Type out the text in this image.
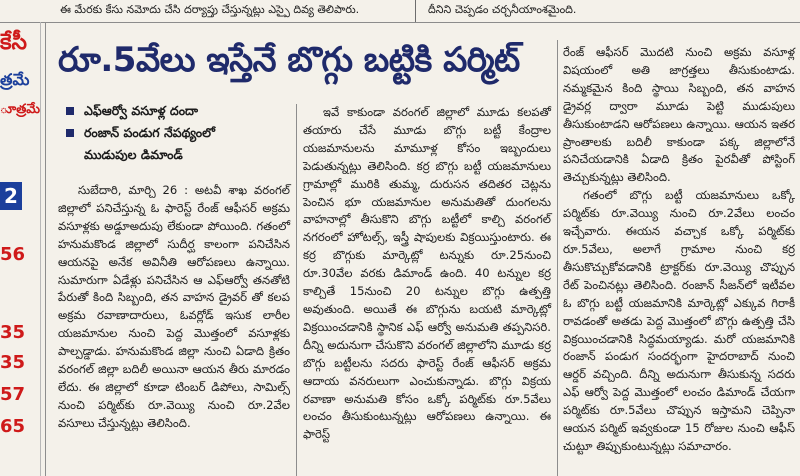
ఈ మేరకు కేసు నమోదు చేసి దర్యాప్తు చేస్తున్నట్లు ఎస్పై దివ్య తెలిపారు.	దీనిని చెప్పడం చర్చనీయాంశమైంది.
కేసీ
త్రమే
ూత్రమే
2
56
35
35
57
65
రూ.5వేలు ఇస్తేనే బొగ్గు బట్టికి పర్మిట్
ఎఫ్ఆర్వో వసూళ్ల దందా
రంజాన్ పండుగ నేపథ్యంలో
ముడుపుల డిమాండ్

సుబేదారి, మార్చి 26 : అటవీ శాఖ వరంగల్ జిల్లాలో పనిచేస్తున్న ఓ ఫారెస్ట్ రేంజ్ ఆఫీసర్ అక్రమ వసూళ్లకు అడ్డూఅదుపు లేకుండా పోయింది. గతంలో హనుమకొండ జిల్లాలో సుదీర్ఘ కాలంగా పనిచేసిన ఆయనపై అనేక అవినీతి ఆరోపణలు ఉన్నాయి. సుమారుగా ఏడేళ్లు పనిచేసిన ఆ ఎఫ్ఆర్వో తనతోటి పేరుతో కింది సిబ్బంది, తన వాహన డ్రైవర్ తో కలప అక్రమ రవాణాదారులు, ఓవర్లోడ్ ఇసుక లారీల యజమానుల నుంచి పెద్ద మొత్తంలో వసూళ్లకు పాల్పడ్డాడు. హనుమకొండ జిల్లా నుంచి ఏడాది క్రితం వరంగల్ జిల్లా బదిలీ అయినా ఆయన తీరు మారడం లేదు. ఈ జిల్లాలో కూడా టింబర్ డిపోలు, సామిల్స్ నుంచి పర్మిట్‌కు రూ.వెయ్యి నుంచి రూ.2వేల వసూలు చేస్తున్నట్లు తెలిసింది.

ఇవే కాకుండా వరంగల్ జిల్లాలో మూడు కలపతో తయారు చేసే మూడు బొగ్గు బట్టీ కేంద్రాల యజమానులను మామూళ్ల కోసం ఇబ్బందులు పెడుతున్నట్లు తెలిసింది. కర్ర బొగ్గు బట్టీ యజమానులు గ్రామాల్లో మురికి తుమ్మ, దురుసన తదితర చెట్లను పెంచిన భూ యజమానుల అనుమతితో దుంగలను వాహనాల్లో తీసుకొని బొగ్గు బట్టీలో కాల్చి వరంగల్ నగరంలో హోటల్స్, ఇస్త్రీ షాపులకు విక్రయిస్తుంటారు. ఈ కర్ర బొగ్గుకు మార్కెట్లో టన్నుకు రూ.25నుంచి రూ.30వేల వరకు డిమాండ్ ఉంది. 40 టన్నుల కర్ర కాల్చితే 15నుంచి 20 టన్నుల బొగ్గు ఉత్పత్తి అవుతుంది. అయితే ఈ బొగ్గును బయటి మార్కెట్లో విక్రయించడానికి స్థానిక ఎఫ్ ఆర్వో అనుమతి తప్పనిసరి. దీన్ని అదునుగా చేసుకొని వరంగల్ జిల్లాలోని మూడు కర్ర బొగ్గు బట్టీలను సదరు ఫారెస్ట్ రేంజ్ ఆఫీసర్ అక్రమ ఆదాయ వనరులుగా ఎంచుకున్నాడు. బొగ్గు విక్రయ రవాణా అనుమతి కోసం ఒక్కో పర్మిట్‌కు రూ.5వేలు లంచం తీసుకుంటున్నట్లు ఆరోపణలు ఉన్నాయి. ఈ ఫారెస్ట్

రేంజ్ ఆఫీసర్ మొదటి నుంచి అక్రమ వసూళ్ల విషయంలో అతి జాగ్రత్తలు తీసుకుంటాడు. నమ్మకమైన కింది స్థాయి సిబ్బంది, తన వాహన డ్రైవర్ల ద్వారా మూడు పెట్టి ముడుపులు తీసుకుంటాడని ఆరోపణలు ఉన్నాయి. ఆయన ఇతర ప్రాంతాలకు బదిలీ కాకుండా పక్క జిల్లాలోనే పనిచేయడానికి ఏడాది క్రితం పైరవీతో పోస్టింగ్ తెచ్చుకున్నట్లు తెలిసింది.

గతంలో బొగ్గు బట్టీ యజమానులు ఒక్కో పర్మిట్‌కు రూ.వెయ్యి నుంచి రూ.2వేలు లంచం ఇచ్చేవారు. ఈయన వచ్చాక ఒక్కో పర్మిట్‌కు రూ.5వేలు, అలాగే గ్రామాల నుంచి కర్ర తీసుకొచ్చుకోవడానికి ట్రాక్టర్‌కు రూ.వెయ్యి చొప్పున రేట్ పెంచినట్లు తెలిసింది. రంజాన్ సీజన్‌లో ఇటీవల ఓ బొగ్గు బట్టీ యజమానికి మార్కెట్లో ఎక్కువ గిరాకీ రావడంతో అతడు పెద్ద మొత్తంలో బొగ్గు ఉత్పత్తి చేసి విక్రయించడానికి సిద్ధమయ్యాడు. మరో యజమానికి రంజాన్ పండుగ సందర్భంగా హైదరాబాద్ నుంచి ఆర్డర్ వచ్చింది. దీన్ని అదునుగా తీసుకున్న సదరు ఎఫ్ ఆర్వో పెద్ద మొత్తంలో లంచం డిమాండ్ చేయగా పర్మిట్‌కు రూ.5వేలు చొప్పున ఇస్తామని చెప్పినా ఆయన పర్మిట్ ఇవ్వకుండా 15 రోజుల నుంచి ఆఫీస్ చుట్టూ తిప్పుకుంటున్నట్లు సమాచారం.
